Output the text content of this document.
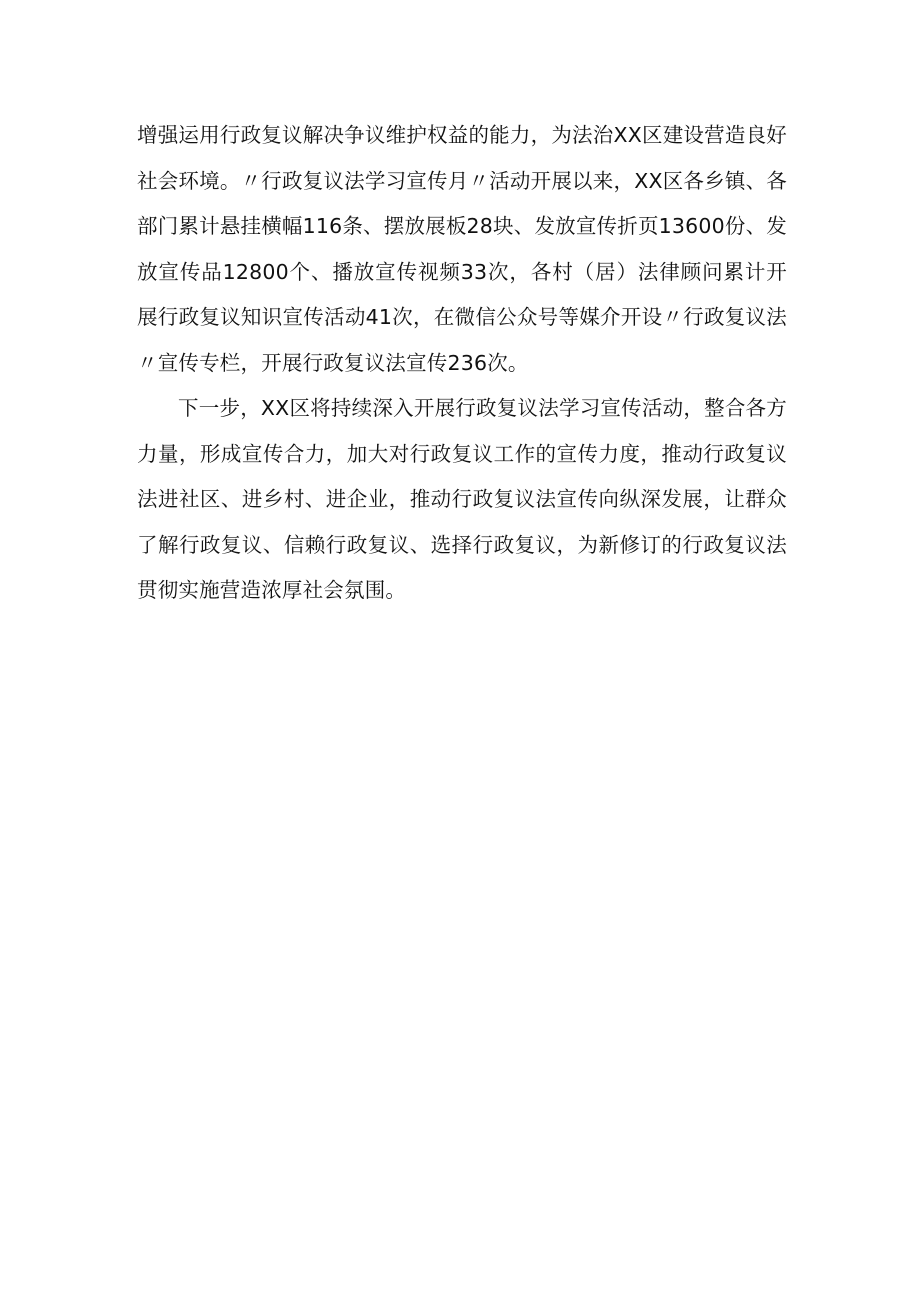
增强运用行政复议解决争议维护权益的能力，为法治XX区建设营造良好社会环境。〃行政复议法学习宣传月〃活动开展以来，XX区各乡镇、各部门累计悬挂横幅116条、摆放展板28块、发放宣传折页13600份、发放宣传品12800个、播放宣传视频33次，各村（居）法律顾问累计开展行政复议知识宣传活动41次，在微信公众号等媒介开设〃行政复议法〃宣传专栏，开展行政复议法宣传236次。

下一步，XX区将持续深入开展行政复议法学习宣传活动，整合各方力量，形成宣传合力，加大对行政复议工作的宣传力度，推动行政复议法进社区、进乡村、进企业，推动行政复议法宣传向纵深发展，让群众了解行政复议、信赖行政复议、选择行政复议，为新修订的行政复议法贯彻实施营造浓厚社会氛围。
